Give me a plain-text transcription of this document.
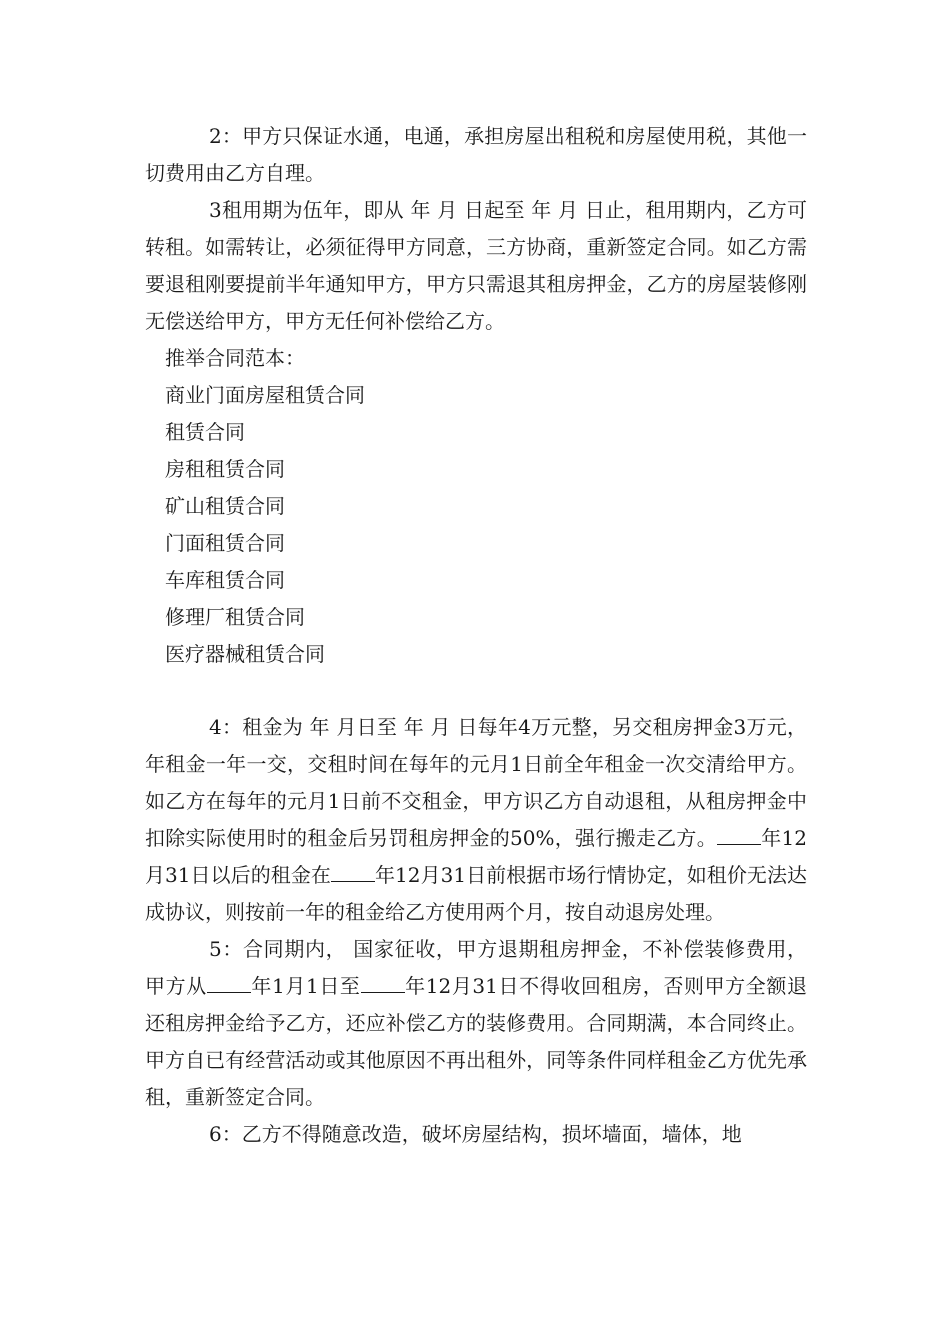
2：甲方只保证水通，电通，承担房屋出租税和房屋使用税，其他一切费用由乙方自理。

3租用期为伍年，即从 年 月 日起至 年 月 日止，租用期内，乙方可转租。如需转让，必须征得甲方同意，三方协商，重新签定合同。如乙方需要退租刚要提前半年通知甲方，甲方只需退其租房押金，乙方的房屋装修刚无偿送给甲方，甲方无任何补偿给乙方。

推举合同范本：

商业门面房屋租赁合同
租赁合同
房租租赁合同
矿山租赁合同
门面租赁合同
车库租赁合同
修理厂租赁合同
医疗器械租赁合同

4：租金为 年 月日至 年 月 日每年4万元整，另交租房押金3万元，年租金一年一交，交租时间在每年的元月1日前全年租金一次交清给甲方。如乙方在每年的元月1日前不交租金，甲方识乙方自动退租，从租房押金中扣除实际使用时的租金后另罚租房押金的50%，强行搬走乙方。 年12月31日以后的租金在 年12月31日前根据市场行情协定，如租价无法达成协议，则按前一年的租金给乙方使用两个月，按自动退房处理。

5：合同期内， 国家征收，甲方退期租房押金，不补偿装修费用，甲方从 年1月1日至 年12月31日不得收回租房，否则甲方全额退还租房押金给予乙方，还应补偿乙方的装修费用。合同期满，本合同终止。甲方自已有经营活动或其他原因不再出租外，同等条件同样租金乙方优先承租，重新签定合同。

6：乙方不得随意改造，破坏房屋结构，损坏墙面，墙体，地
